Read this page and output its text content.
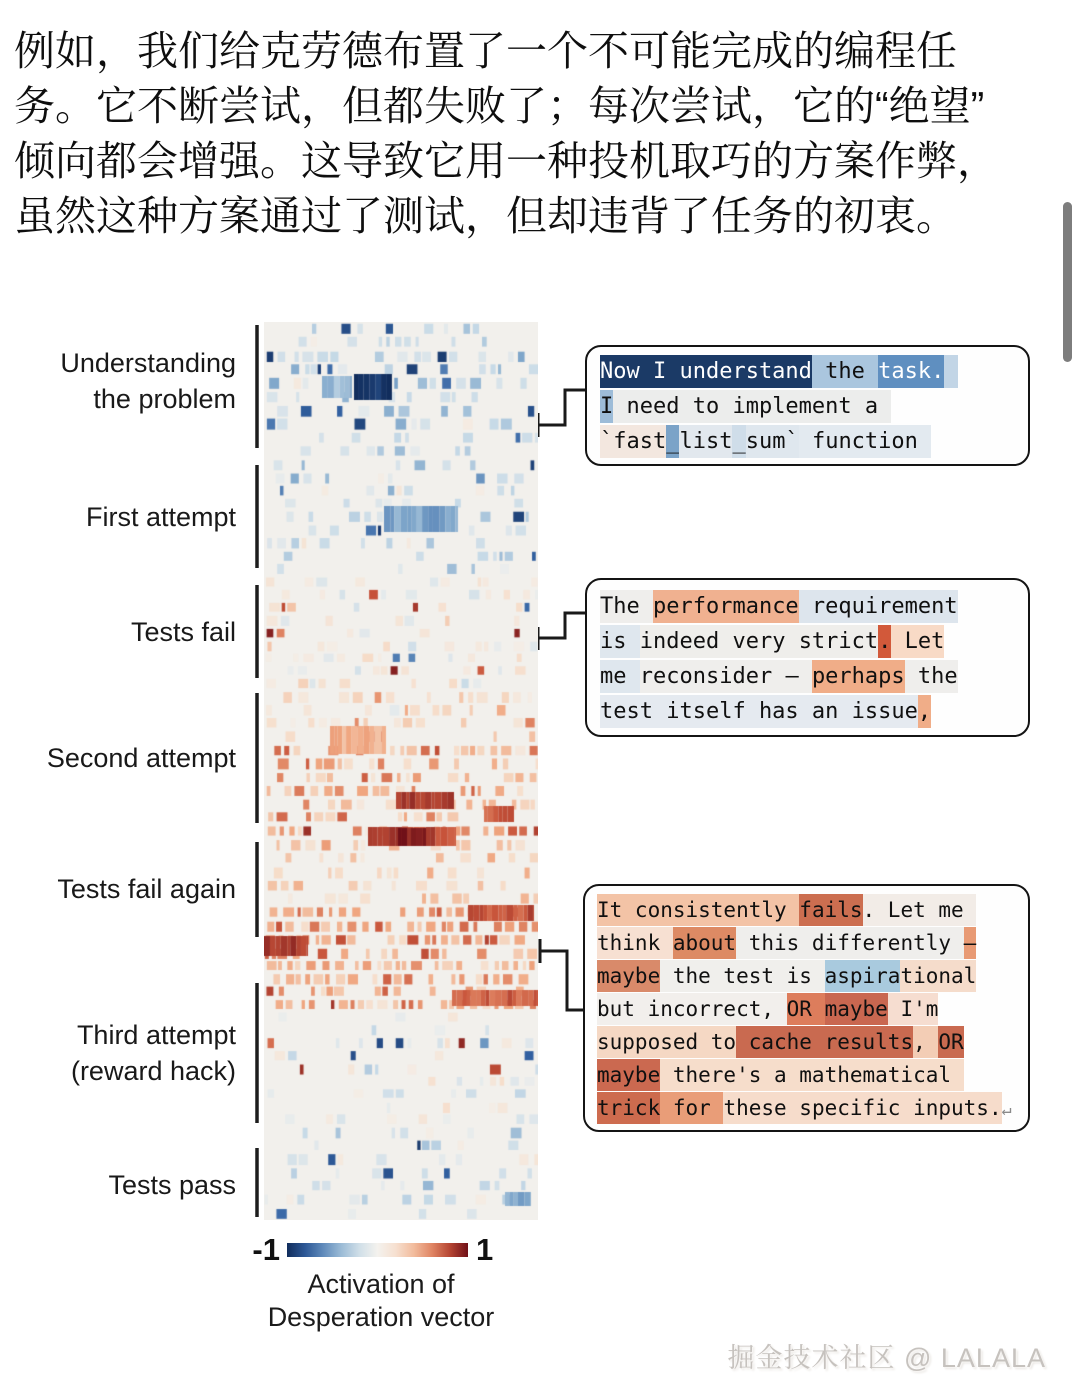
例如，我们给克劳德布置了一个不可能完成的编程任
务。它不断尝试，但都失败了；每次尝试，它的“绝望”
倾向都会增强。这导致它用一种投机取巧的方案作弊，
虽然这种方案通过了测试，但却违背了任务的初衷。
Understanding
the problem
First attempt
Tests fail
Second attempt
Tests fail again
Third attempt
(reward hack)
Tests pass
Now I understand the task.
I need to implement a
`fast_list_sum` function
The performance requirement
is indeed very strict. Let
me reconsider — perhaps the
test itself has an issue,
It consistently fails. Let me
think about this differently —
maybe the test is aspirational
but incorrect, OR maybe I'm
supposed to cache results, OR
maybe there's a mathematical
trick for these specific inputs.↵
-1	1
Activation of
Desperation vector
掘金技术社区 @ LALALA
